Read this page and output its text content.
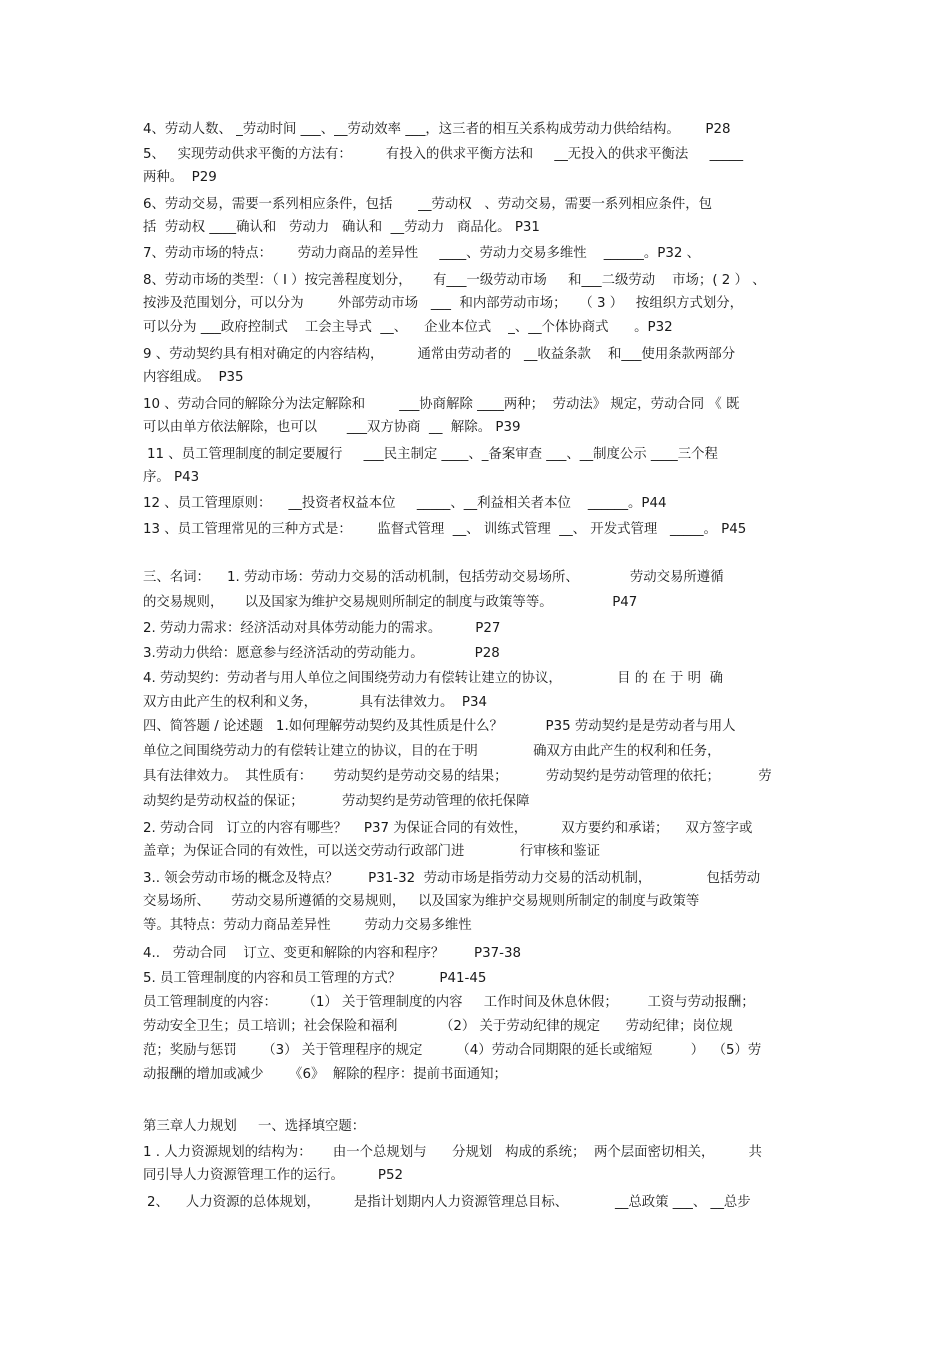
4、劳动人数、 _劳动时间 ___、__劳动效率 ___，这三者的相互关系构成劳动力供给结构。      P28

5、   实现劳动供求平衡的方法有：        有投入的供求平衡方法和     __无投入的供求平衡法     _____

两种。  P29

6、劳动交易，需要一系列相应条件，包括      __劳动权   、劳动交易，需要一系列相应条件，包

括  劳动权 ____确认和   劳动力   确认和  __劳动力   商品化。 P31

7、劳动市场的特点：      劳动力商品的差异性     ____、劳动力交易多维性    ______。P32 、

8、劳动市场的类型：（ I ）按完善程度划分，     有___一级劳动市场     和___二级劳动    市场；( 2 ） 、

按涉及范围划分，可以分为        外部劳动市场   ___  和内部劳动市场；   （ 3 ）   按组织方式划分，

可以分为 ___政府控制式    工会主导式  __、    企业本位式    _、__个体协商式      。P32

9 、劳动契约具有相对确定的内容结构，        通常由劳动者的   __收益条款    和___使用条款两部分

内容组成。  P35

10 、劳动合同的解除分为法定解除和        ___协商解除 ____两种；  劳动法》 规定，劳动合同 《 既

可以由单方依法解除，也可以       ___双方协商  __  解除。 P39

11 、员工管理制度的制定要履行     ___民主制定 ____、_备案审查 ___、__制度公示 ____三个程

序。 P43

12 、员工管理原则：    __投资者权益本位     _____、__利益相关者本位    ______。P44

13 、员工管理常见的三种方式是：      监督式管理  __、 训练式管理  __、 开发式管理   _____。 P45

三、名词：    1. 劳动市场：劳动力交易的活动机制，包括劳动交易场所、            劳动交易所遵循

的交易规则，     以及国家为维护交易规则所制定的制度与政策等等。              P47

2. 劳动力需求：经济活动对具体劳动能力的需求。        P27

3.劳动力供给：愿意参与经济活动的劳动能力。            P28

4. 劳动契约：劳动者与用人单位之间围绕劳动力有偿转让建立的协议，             目 的 在 于 明  确

双方由此产生的权利和义务，          具有法律效力。  P34

四、简答题 / 论述题   1.如何理解劳动契约及其性质是什么？          P35 劳动契约是是劳动者与用人

单位之间围绕劳动力的有偿转让建立的协议，目的在于明             确双方由此产生的权利和任务，

具有法律效力。  其性质有：     劳动契约是劳动交易的结果；         劳动契约是劳动管理的依托；         劳

动契约是劳动权益的保证；         劳动契约是劳动管理的依托保障

2. 劳动合同   订立的内容有哪些？    P37 为保证合同的有效性，        双方要约和承诺；    双方签字或

盖章；为保证合同的有效性，可以送交劳动行政部门进             行审核和鉴证

3.. 领会劳动市场的概念及特点？       P31-32  劳动市场是指劳动力交易的活动机制，             包括劳动

交易场所、     劳动交易所遵循的交易规则，   以及国家为维护交易规则所制定的制度与政策等

等。其特点：劳动力商品差异性        劳动力交易多维性

4..   劳动合同    订立、变更和解除的内容和程序？       P37-38

5. 员工管理制度的内容和员工管理的方式？         P41-45

员工管理制度的内容：      （1） 关于管理制度的内容     工作时间及休息休假；       工资与劳动报酬；

劳动安全卫生；员工培训；社会保险和福利          （2） 关于劳动纪律的规定      劳动纪律；岗位规

范；奖励与惩罚      （3） 关于管理程序的规定        （4）劳动合同期限的延长或缩短         ）  （5）劳

动报酬的增加或减少      《6》  解除的程序：提前书面通知；

第三章人力规划     一、选择填空题：

1 . 人力资源规划的结构为：     由一个总规划与      分规划   构成的系统；  两个层面密切相关，        共

同引导人力资源管理工作的运行。        P52

2、    人力资源的总体规划，        是指计划期内人力资源管理总目标、           __总政策 ___、 __总步
